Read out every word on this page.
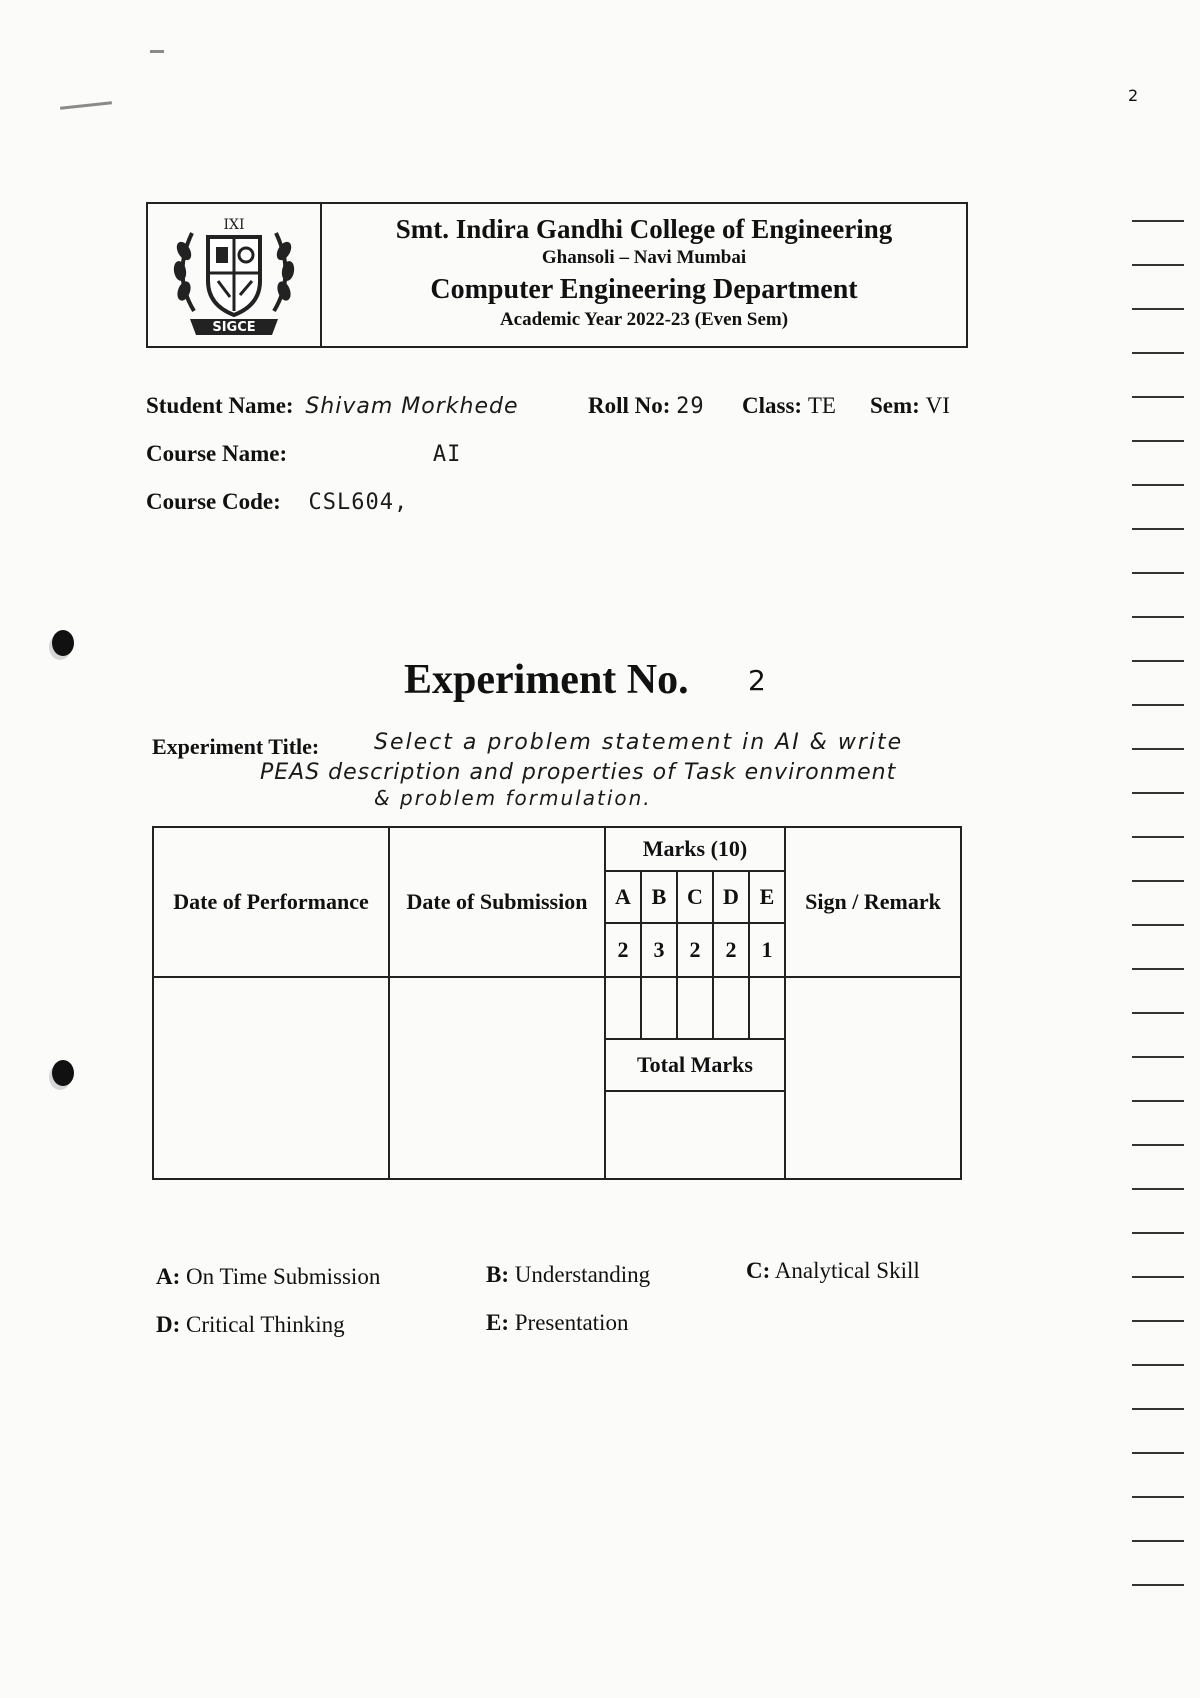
2
IXI
SIGCE
Smt. Indira Gandhi College of Engineering
Ghansoli – Navi Mumbai
Computer Engineering Department
Academic Year 2022-23 (Even Sem)
Student Name: Shivam Morkhede	Roll No: 29 Class: TE Sem: VI
Course Name:	AI
Course Code: CSL604,
Experiment No. 2
Experiment Title: Select a problem statement in AI & write
PEAS description and properties of Task environment
& problem formulation.
Date of Performance	Date of Submission	Marks (10)					Sign / Remark
		A	B	C	D	E	
		2	3	2	2	1	

		Total Marks					

A: On Time Submission	B: Understanding	C: Analytical Skill
D: Critical Thinking	E: Presentation
